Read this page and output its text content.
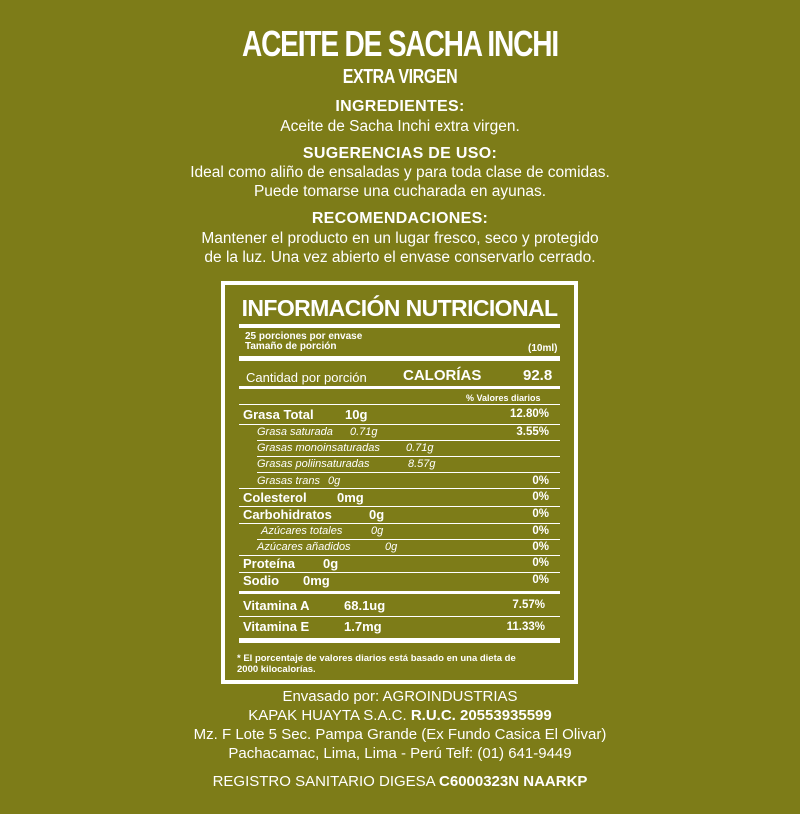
ACEITE DE SACHA INCHI
EXTRA VIRGEN
INGREDIENTES:
Aceite de Sacha Inchi extra virgen.
SUGERENCIAS DE USO:
Ideal como aliño de ensaladas y para toda clase de comidas.
Puede tomarse una cucharada en ayunas.
RECOMENDACIONES:
Mantener el producto en un lugar fresco, seco y protegido
de la luz. Una vez abierto el envase conservarlo cerrado.
INFORMACIÓN NUTRICIONAL
25 porciones por envase
Tamaño de porción	(10ml)
Cantidad por porción CALORÍAS	92.8
% Valores diarios
Grasa Total 10g	12.80%
Grasa saturada 0.71g	3.55%
Grasas monoinsaturadas 0.71g
Grasas poliinsaturadas	8.57g
Grasas trans 0g	0%
Colesterol 0mg	0%
Carbohidratos	0g	0%
Azúcares totales	0g	0%
Azúcares añadidos	0g	0%
Proteína 0g	0%
Sodio 0mg	0%
Vitamina A	68.1ug	7.57%
Vitamina E	1.7mg	11.33%
* El porcentaje de valores diarios está basado en una dieta de
2000 kilocalorías.
Envasado por: AGROINDUSTRIAS
KAPAK HUAYTA S.A.C. R.U.C. 20553935599
Mz. F Lote 5 Sec. Pampa Grande (Ex Fundo Casica El Olivar)
Pachacamac, Lima, Lima - Perú Telf: (01) 641-9449
REGISTRO SANITARIO DIGESA C6000323N NAARKP
